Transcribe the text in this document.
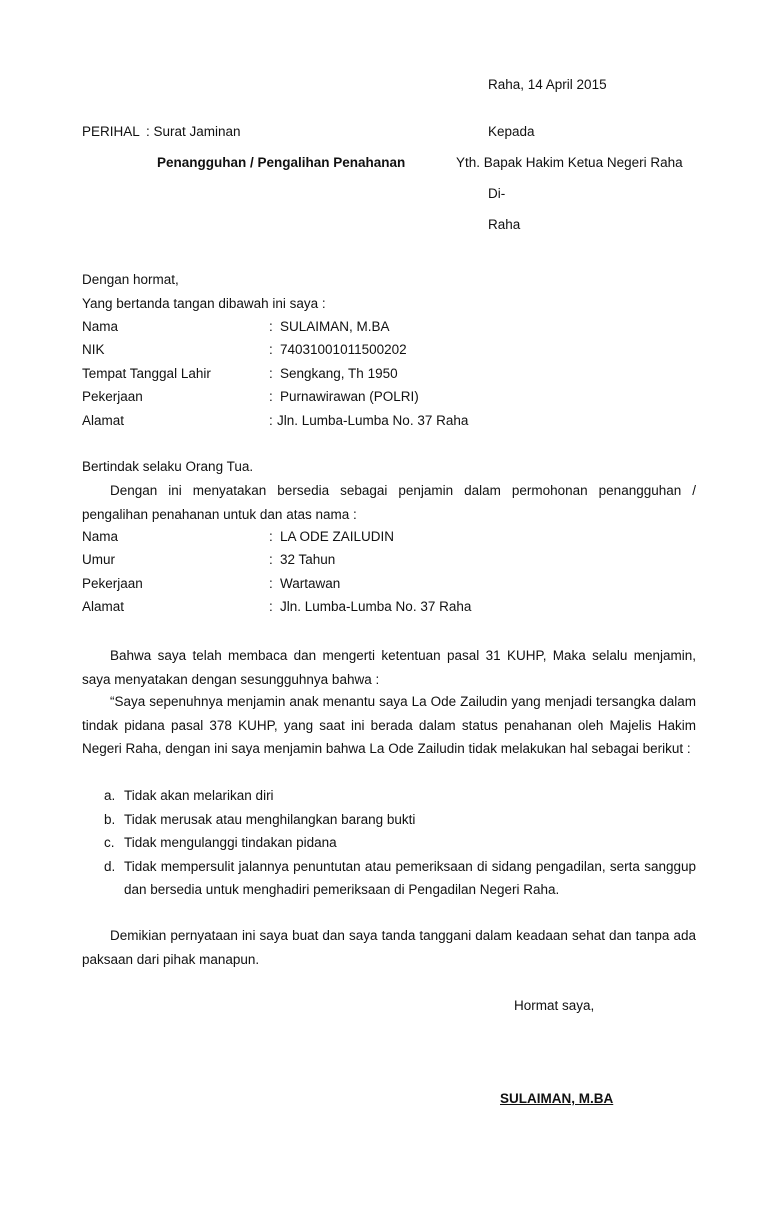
Raha, 14 April 2015
PERIHAL : Surat Jaminan	Kepada
Penangguhan / Pengalihan Penahanan	Yth. Bapak Hakim Ketua Negeri Raha
Di-
Raha
Dengan hormat,
Yang bertanda tangan dibawah ini saya :
Nama	: SULAIMAN, M.BA
NIK	: 74031001011500202
Tempat Tanggal Lahir	: Sengkang, Th 1950
Pekerjaan	: Purnawirawan (POLRI)
Alamat	: Jln. Lumba-Lumba No. 37 Raha
Bertindak selaku Orang Tua.
Dengan ini menyatakan bersedia sebagai penjamin dalam permohonan penangguhan / pengalihan penahanan untuk dan atas nama :
Nama	: LA ODE ZAILUDIN
Umur	: 32 Tahun
Pekerjaan	: Wartawan
Alamat	: Jln. Lumba-Lumba No. 37 Raha
Bahwa saya telah membaca dan mengerti ketentuan pasal 31 KUHP, Maka selalu menjamin, saya menyatakan dengan sesungguhnya bahwa :
“Saya sepenuhnya menjamin anak menantu saya La Ode Zailudin yang menjadi tersangka dalam tindak pidana pasal 378 KUHP, yang saat ini berada dalam status penahanan oleh Majelis Hakim Negeri Raha, dengan ini saya menjamin bahwa La Ode Zailudin tidak melakukan hal sebagai berikut :
a. Tidak akan melarikan diri
b. Tidak merusak atau menghilangkan barang bukti
c. Tidak mengulanggi tindakan pidana
d. Tidak mempersulit jalannya penuntutan atau pemeriksaan di sidang pengadilan, serta sanggup dan bersedia untuk menghadiri pemeriksaan di Pengadilan Negeri Raha.
Demikian pernyataan ini saya buat dan saya tanda tanggani dalam keadaan sehat dan tanpa ada paksaan dari pihak manapun.
Hormat saya,
SULAIMAN, M.BA
